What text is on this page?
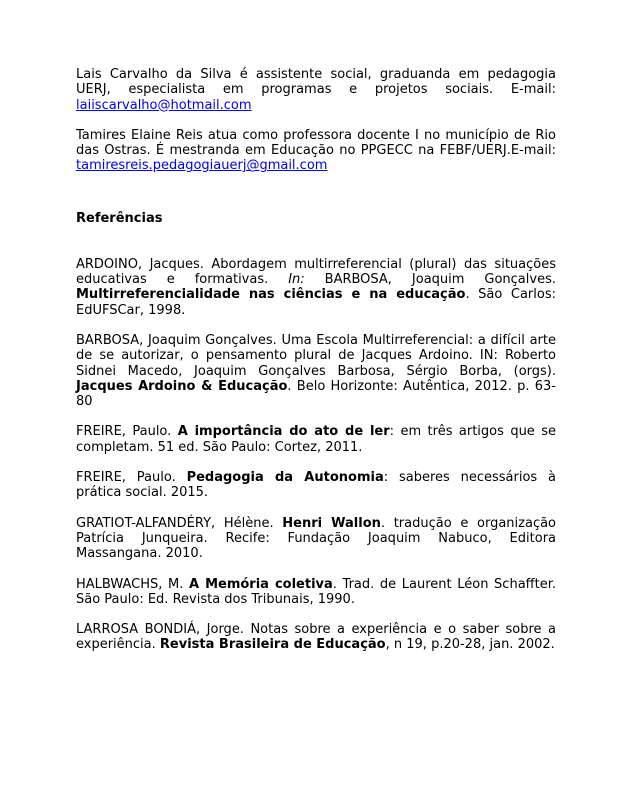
Lais Carvalho da Silva é assistente social, graduanda em pedagogia UERJ, especialista em programas e projetos sociais. E-mail: laiiscarvalho@hotmail.com

Tamires Elaine Reis atua como professora docente I no município de Rio das Ostras. É mestranda em Educação no PPGECC na FEBF/UERJ.E-mail: tamiresreis.pedagogiauerj@gmail.com

Referências

ARDOINO, Jacques. Abordagem multirreferencial (plural) das situações educativas e formativas. In: BARBOSA, Joaquim Gonçalves. Multirreferencialidade nas ciências e na educação. São Carlos: EdUFSCar, 1998.

BARBOSA, Joaquim Gonçalves. Uma Escola Multirreferencial: a difícil arte de se autorizar, o pensamento plural de Jacques Ardoino. IN: Roberto Sidnei Macedo, Joaquim Gonçalves Barbosa, Sérgio Borba, (orgs). Jacques Ardoino & Educação. Belo Horizonte: Autêntica, 2012. p. 63-80

FREIRE, Paulo. A importância do ato de ler: em três artigos que se completam. 51 ed. São Paulo: Cortez, 2011.

FREIRE, Paulo. Pedagogia da Autonomia: saberes necessários à prática social. 2015.

GRATIOT-ALFANDÉRY, Hélène. Henri Wallon. tradução e organização Patrícia Junqueira. Recife: Fundação Joaquim Nabuco, Editora Massangana. 2010.

HALBWACHS, M. A Memória coletiva. Trad. de Laurent Léon Schaffter. São Paulo: Ed. Revista dos Tribunais, 1990.

LARROSA BONDIÁ, Jorge. Notas sobre a experiência e o saber sobre a experiência. Revista Brasileira de Educação, n 19, p.20-28, jan. 2002.
